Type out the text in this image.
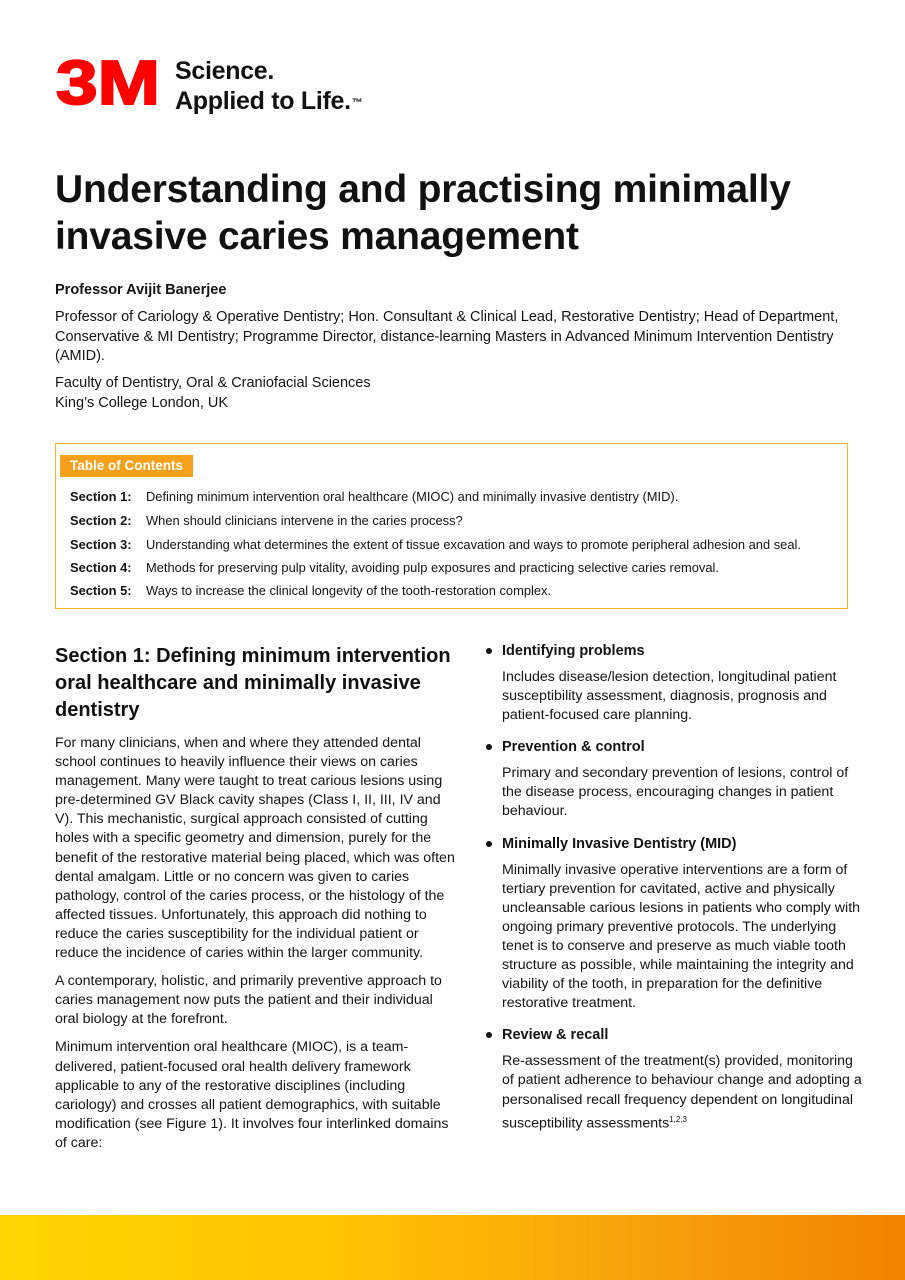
3M Science.
Applied to Life.™
Understanding and practising minimally invasive caries management
Professor Avijit Banerjee

Professor of Cariology & Operative Dentistry; Hon. Consultant & Clinical Lead, Restorative Dentistry; Head of Department, Conservative & MI Dentistry; Programme Director, distance-learning Masters in Advanced Minimum Intervention Dentistry (AMID).

Faculty of Dentistry, Oral & Craniofacial Sciences
King’s College London, UK

Table of Contents
Section 1:	Defining minimum intervention oral healthcare (MIOC) and minimally invasive dentistry (MID).
Section 2:	When should clinicians intervene in the caries process?
Section 3:	Understanding what determines the extent of tissue excavation and ways to promote peripheral adhesion and seal.
Section 4:	Methods for preserving pulp vitality, avoiding pulp exposures and practicing selective caries removal.
Section 5:	Ways to increase the clinical longevity of the tooth-restoration complex.
Section 1: Defining minimum intervention oral healthcare and minimally invasive dentistry

For many clinicians, when and where they attended dental school continues to heavily influence their views on caries management. Many were taught to treat carious lesions using pre-determined GV Black cavity shapes (Class I, II, III, IV and V). This mechanistic, surgical approach consisted of cutting holes with a specific geometry and dimension, purely for the benefit of the restorative material being placed, which was often dental amalgam. Little or no concern was given to caries pathology, control of the caries process, or the histology of the affected tissues. Unfortunately, this approach did nothing to reduce the caries susceptibility for the individual patient or reduce the incidence of caries within the larger community.

A contemporary, holistic, and primarily preventive approach to caries management now puts the patient and their individual oral biology at the forefront.

Minimum intervention oral healthcare (MIOC), is a team-delivered, patient-focused oral health delivery framework applicable to any of the restorative disciplines (including cariology) and crosses all patient demographics, with suitable modification (see Figure 1). It involves four interlinked domains of care:

Identifying problems

Includes disease/lesion detection, longitudinal patient susceptibility assessment, diagnosis, prognosis and patient-focused care planning.

Prevention & control

Primary and secondary prevention of lesions, control of the disease process, encouraging changes in patient behaviour.

Minimally Invasive Dentistry (MID)

Minimally invasive operative interventions are a form of tertiary prevention for cavitated, active and physically uncleansable carious lesions in patients who comply with ongoing primary preventive protocols. The underlying tenet is to conserve and preserve as much viable tooth structure as possible, while maintaining the integrity and viability of the tooth, in preparation for the definitive restorative treatment.

Review & recall

Re-assessment of the treatment(s) provided, monitoring of patient adherence to behaviour change and adopting a personalised recall frequency dependent on longitudinal susceptibility assessments$^{1,2,3}$
